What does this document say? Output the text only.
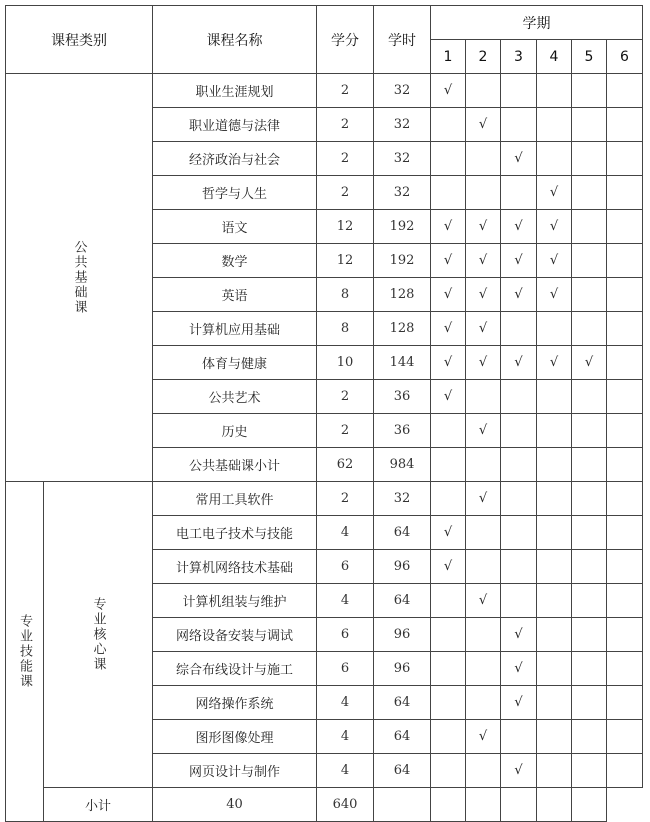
课程类别		课程名称	学分	学时	学期					
					1	2	3	4	5	6
公共基础课		职业生涯规划	2	32	√					
		职业道德与法律	2	32		√				
		经济政治与社会	2	32			√			
		哲学与人生	2	32				√		
		语文	12	192	√	√	√	√		
		数学	12	192	√	√	√	√		
		英语	8	128	√	√	√	√		
		计算机应用基础	8	128	√	√				
		体育与健康	10	144	√	√	√	√	√	
		公共艺术	2	36	√					
		历史	2	36		√				
		公共基础课小计	62	984						
专业技能课	专业核心课	常用工具软件	2	32		√				
		电工电子技术与技能	4	64	√					
		计算机网络技术基础	6	96	√					
		计算机组装与维护	4	64		√				
		网络设备安装与调试	6	96			√			
		综合布线设计与施工	6	96			√			
		网络操作系统	4	64			√			
		图形图像处理	4	64		√				
		网页设计与制作	4	64			√			
	小计	40	640							
